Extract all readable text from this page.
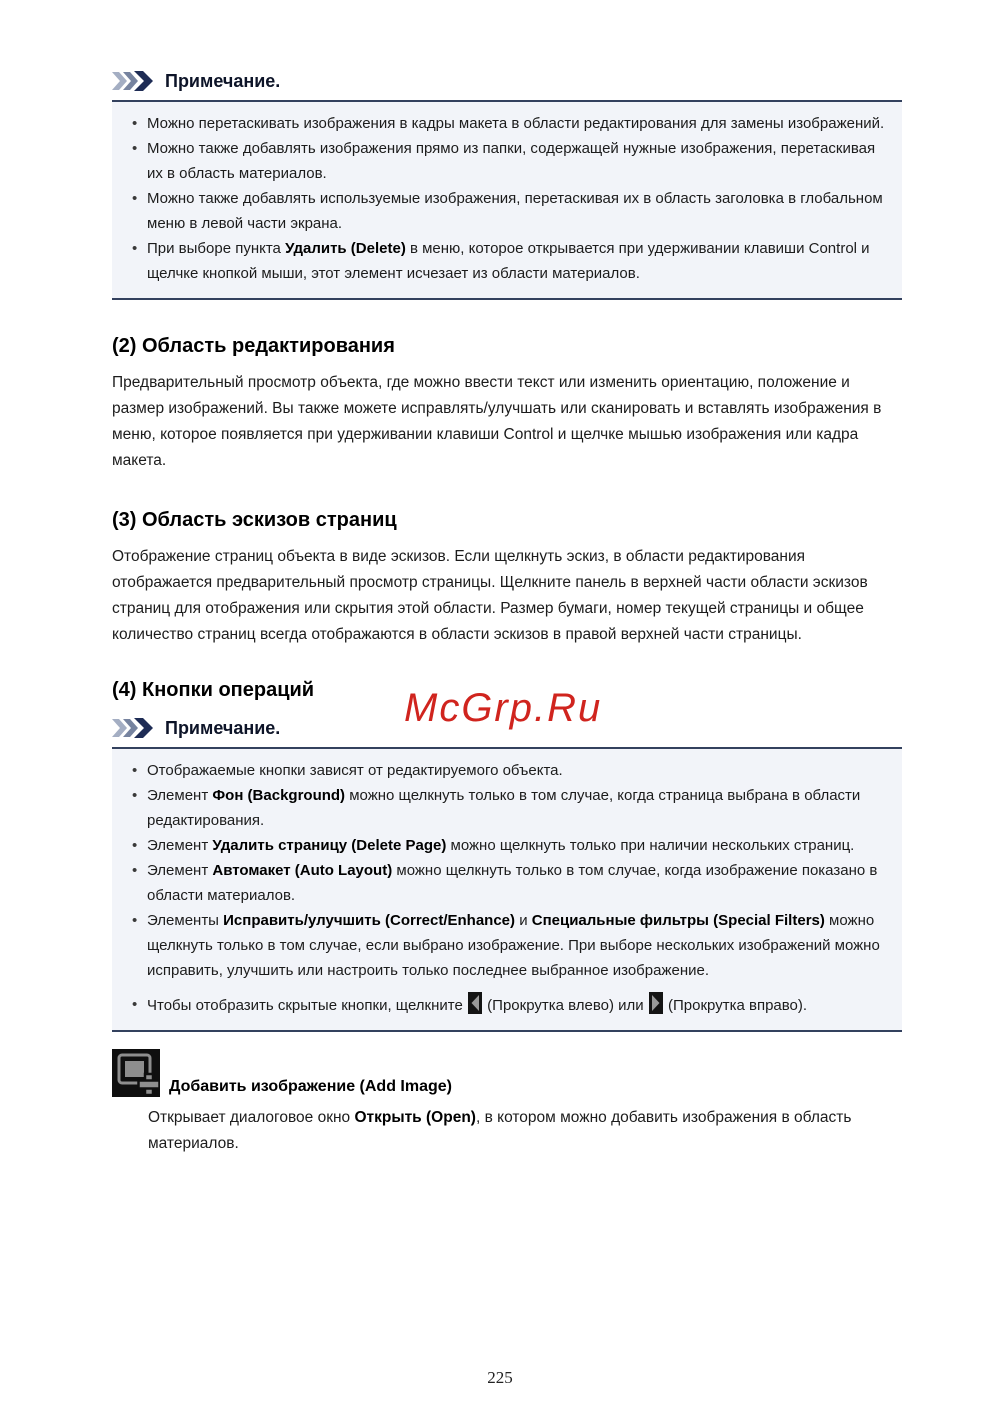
Примечание.
• Можно перетаскивать изображения в кадры макета в области редактирования для замены изображений.
• Можно также добавлять изображения прямо из папки, содержащей нужные изображения, перетаскивая их в область материалов.
• Можно также добавлять используемые изображения, перетаскивая их в область заголовка в глобальном меню в левой части экрана.
• При выборе пункта Удалить (Delete) в меню, которое открывается при удерживании клавиши Control и щелчке кнопкой мыши, этот элемент исчезает из области материалов.
(2) Область редактирования

Предварительный просмотр объекта, где можно ввести текст или изменить ориентацию, положение и размер изображений. Вы также можете исправлять/улучшать или сканировать и вставлять изображения в меню, которое появляется при удерживании клавиши Control и щелчке мышью изображения или кадра макета.

(3) Область эскизов страниц

Отображение страниц объекта в виде эскизов. Если щелкнуть эскиз, в области редактирования отображается предварительный просмотр страницы. Щелкните панель в верхней части области эскизов страниц для отображения или скрытия этой области. Размер бумаги, номер текущей страницы и общее количество страниц всегда отображаются в области эскизов в правой верхней части страницы.

(4) Кнопки операций
Примечание.
• Отображаемые кнопки зависят от редактируемого объекта.
• Элемент Фон (Background) можно щелкнуть только в том случае, когда страница выбрана в области редактирования.
• Элемент Удалить страницу (Delete Page) можно щелкнуть только при наличии нескольких страниц.
• Элемент Автомакет (Auto Layout) можно щелкнуть только в том случае, когда изображение показано в области материалов.
• Элементы Исправить/улучшить (Correct/Enhance) и Специальные фильтры (Special Filters) можно щелкнуть только в том случае, если выбрано изображение. При выборе нескольких изображений можно исправить, улучшить или настроить только последнее выбранное изображение.
• Чтобы отобразить скрытые кнопки, щелкните  (Прокрутка влево) или  (Прокрутка вправо).
Добавить изображение (Add Image)

Открывает диалоговое окно Открыть (Open), в котором можно добавить изображения в область материалов.

McGrp.Ru
225
